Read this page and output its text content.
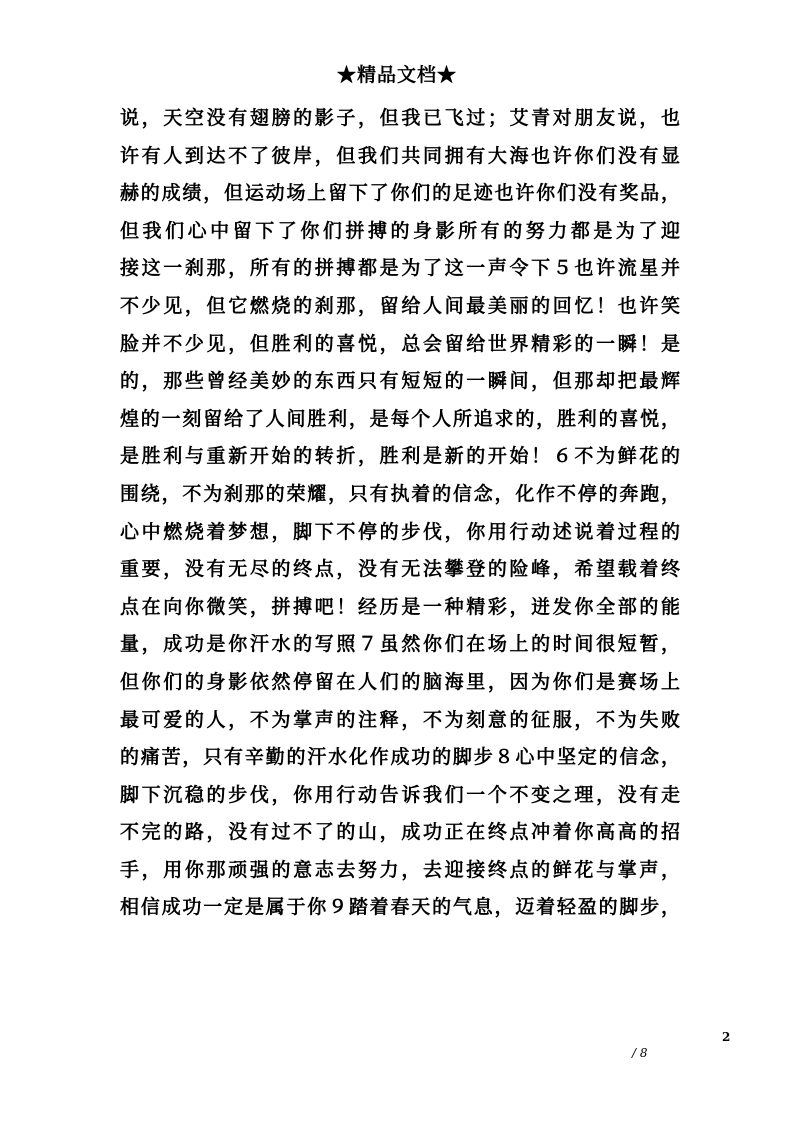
★精品文档★
说，天空没有翅膀的影子，但我已飞过；艾青对朋友说，也
许有人到达不了彼岸，但我们共同拥有大海也许你们没有显
赫的成绩，但运动场上留下了你们的足迹也许你们没有奖品，
但我们心中留下了你们拼搏的身影所有的努力都是为了迎
接这一刹那，所有的拼搏都是为了这一声令下５也许流星并
不少见，但它燃烧的刹那，留给人间最美丽的回忆！也许笑
脸并不少见，但胜利的喜悦，总会留给世界精彩的一瞬！是
的，那些曾经美妙的东西只有短短的一瞬间，但那却把最辉
煌的一刻留给了人间胜利，是每个人所追求的，胜利的喜悦，
是胜利与重新开始的转折，胜利是新的开始！６不为鲜花的
围绕，不为刹那的荣耀，只有执着的信念，化作不停的奔跑，
心中燃烧着梦想，脚下不停的步伐，你用行动述说着过程的
重要，没有无尽的终点，没有无法攀登的险峰，希望载着终
点在向你微笑，拼搏吧！经历是一种精彩，迸发你全部的能
量，成功是你汗水的写照７虽然你们在场上的时间很短暂，
但你们的身影依然停留在人们的脑海里，因为你们是赛场上
最可爱的人，不为掌声的注释，不为刻意的征服，不为失败
的痛苦，只有辛勤的汗水化作成功的脚步８心中坚定的信念，
脚下沉稳的步伐，你用行动告诉我们一个不变之理，没有走
不完的路，没有过不了的山，成功正在终点冲着你高高的招
手，用你那顽强的意志去努力，去迎接终点的鲜花与掌声，
相信成功一定是属于你９踏着春天的气息，迈着轻盈的脚步，
2
/ 8
